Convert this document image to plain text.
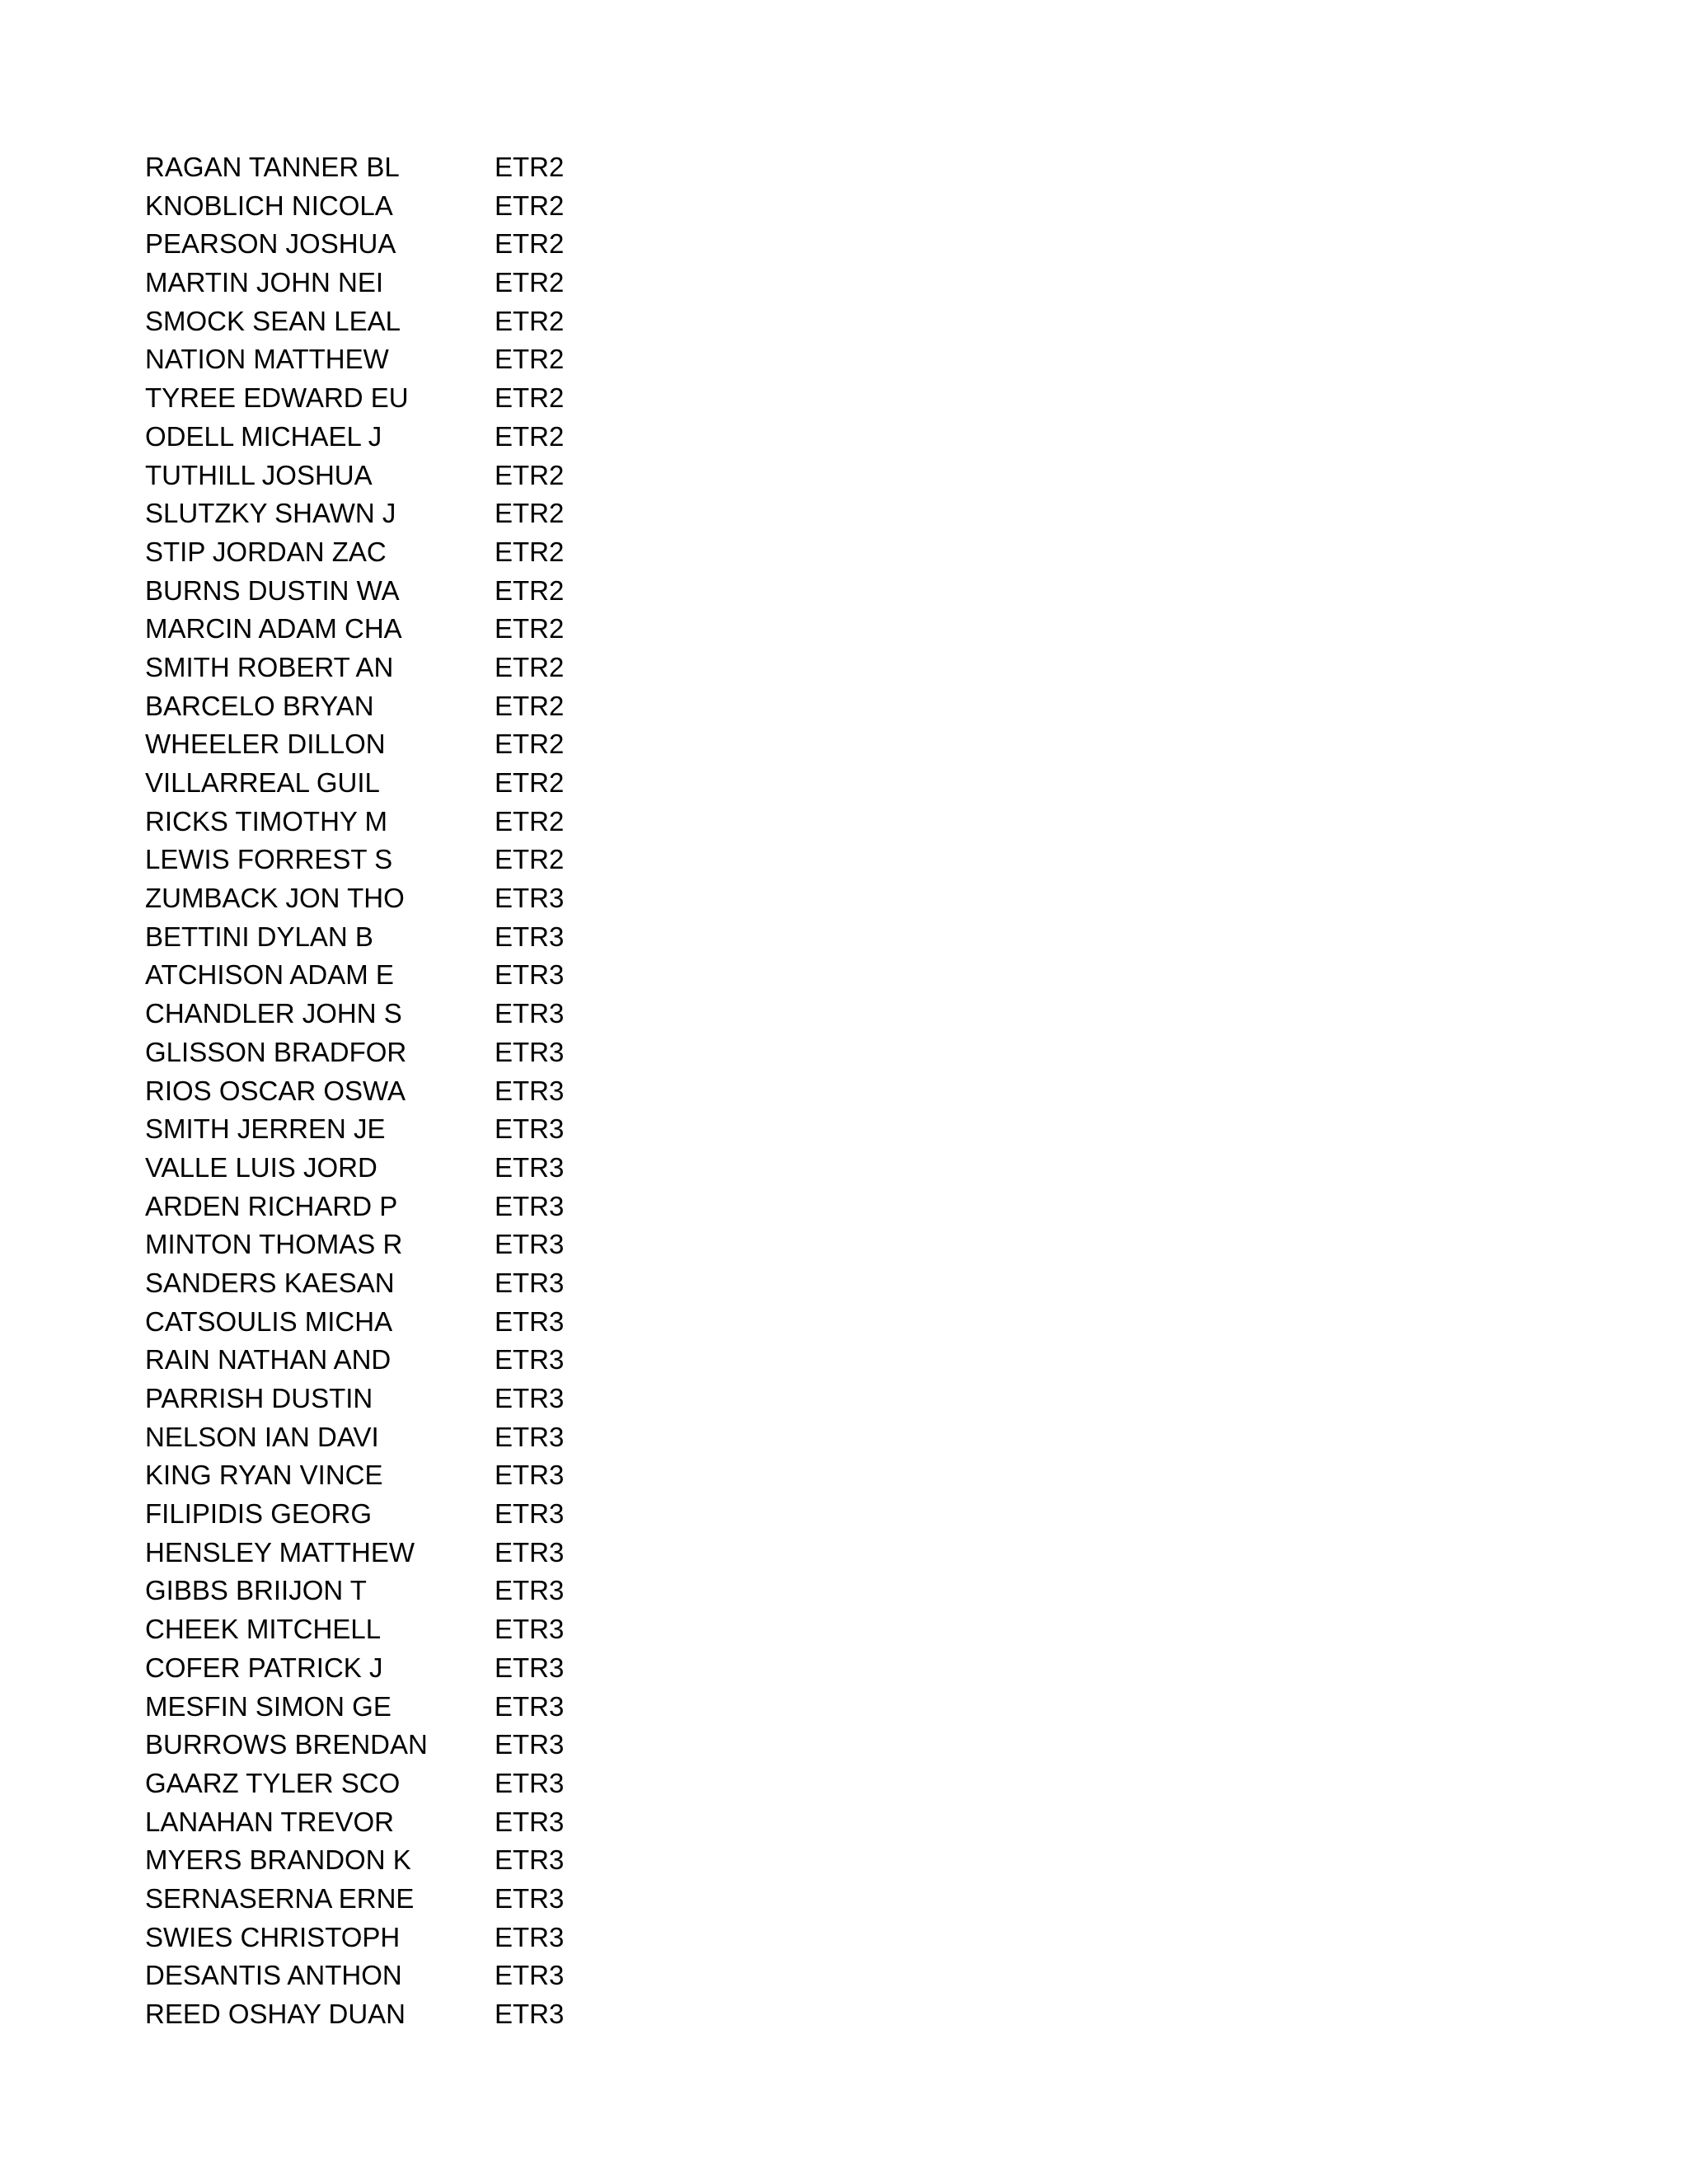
RAGAN TANNER BL	ETR2
KNOBLICH NICOLA	ETR2
PEARSON JOSHUA	ETR2
MARTIN JOHN NEI	ETR2
SMOCK SEAN LEAL	ETR2
NATION MATTHEW	ETR2
TYREE EDWARD EU	ETR2
ODELL MICHAEL J	ETR2
TUTHILL JOSHUA	ETR2
SLUTZKY SHAWN J	ETR2
STIP JORDAN ZAC	ETR2
BURNS DUSTIN WA	ETR2
MARCIN ADAM CHA	ETR2
SMITH ROBERT AN	ETR2
BARCELO BRYAN	ETR2
WHEELER DILLON	ETR2
VILLARREAL GUIL	ETR2
RICKS TIMOTHY M	ETR2
LEWIS FORREST S	ETR2
ZUMBACK JON THO	ETR3
BETTINI DYLAN B	ETR3
ATCHISON ADAM E	ETR3
CHANDLER JOHN S	ETR3
GLISSON BRADFOR	ETR3
RIOS OSCAR OSWA	ETR3
SMITH JERREN JE	ETR3
VALLE LUIS JORD	ETR3
ARDEN RICHARD P	ETR3
MINTON THOMAS R	ETR3
SANDERS KAESAN	ETR3
CATSOULIS MICHA	ETR3
RAIN NATHAN AND	ETR3
PARRISH DUSTIN	ETR3
NELSON IAN DAVI	ETR3
KING RYAN VINCE	ETR3
FILIPIDIS GEORG	ETR3
HENSLEY MATTHEW	ETR3
GIBBS BRIIJON T	ETR3
CHEEK MITCHELL	ETR3
COFER PATRICK J	ETR3
MESFIN SIMON GE	ETR3
BURROWS BRENDAN	ETR3
GAARZ TYLER SCO	ETR3
LANAHAN TREVOR	ETR3
MYERS BRANDON K	ETR3
SERNASERNA ERNE	ETR3
SWIES CHRISTOPH	ETR3
DESANTIS ANTHON	ETR3
REED OSHAY DUAN	ETR3
